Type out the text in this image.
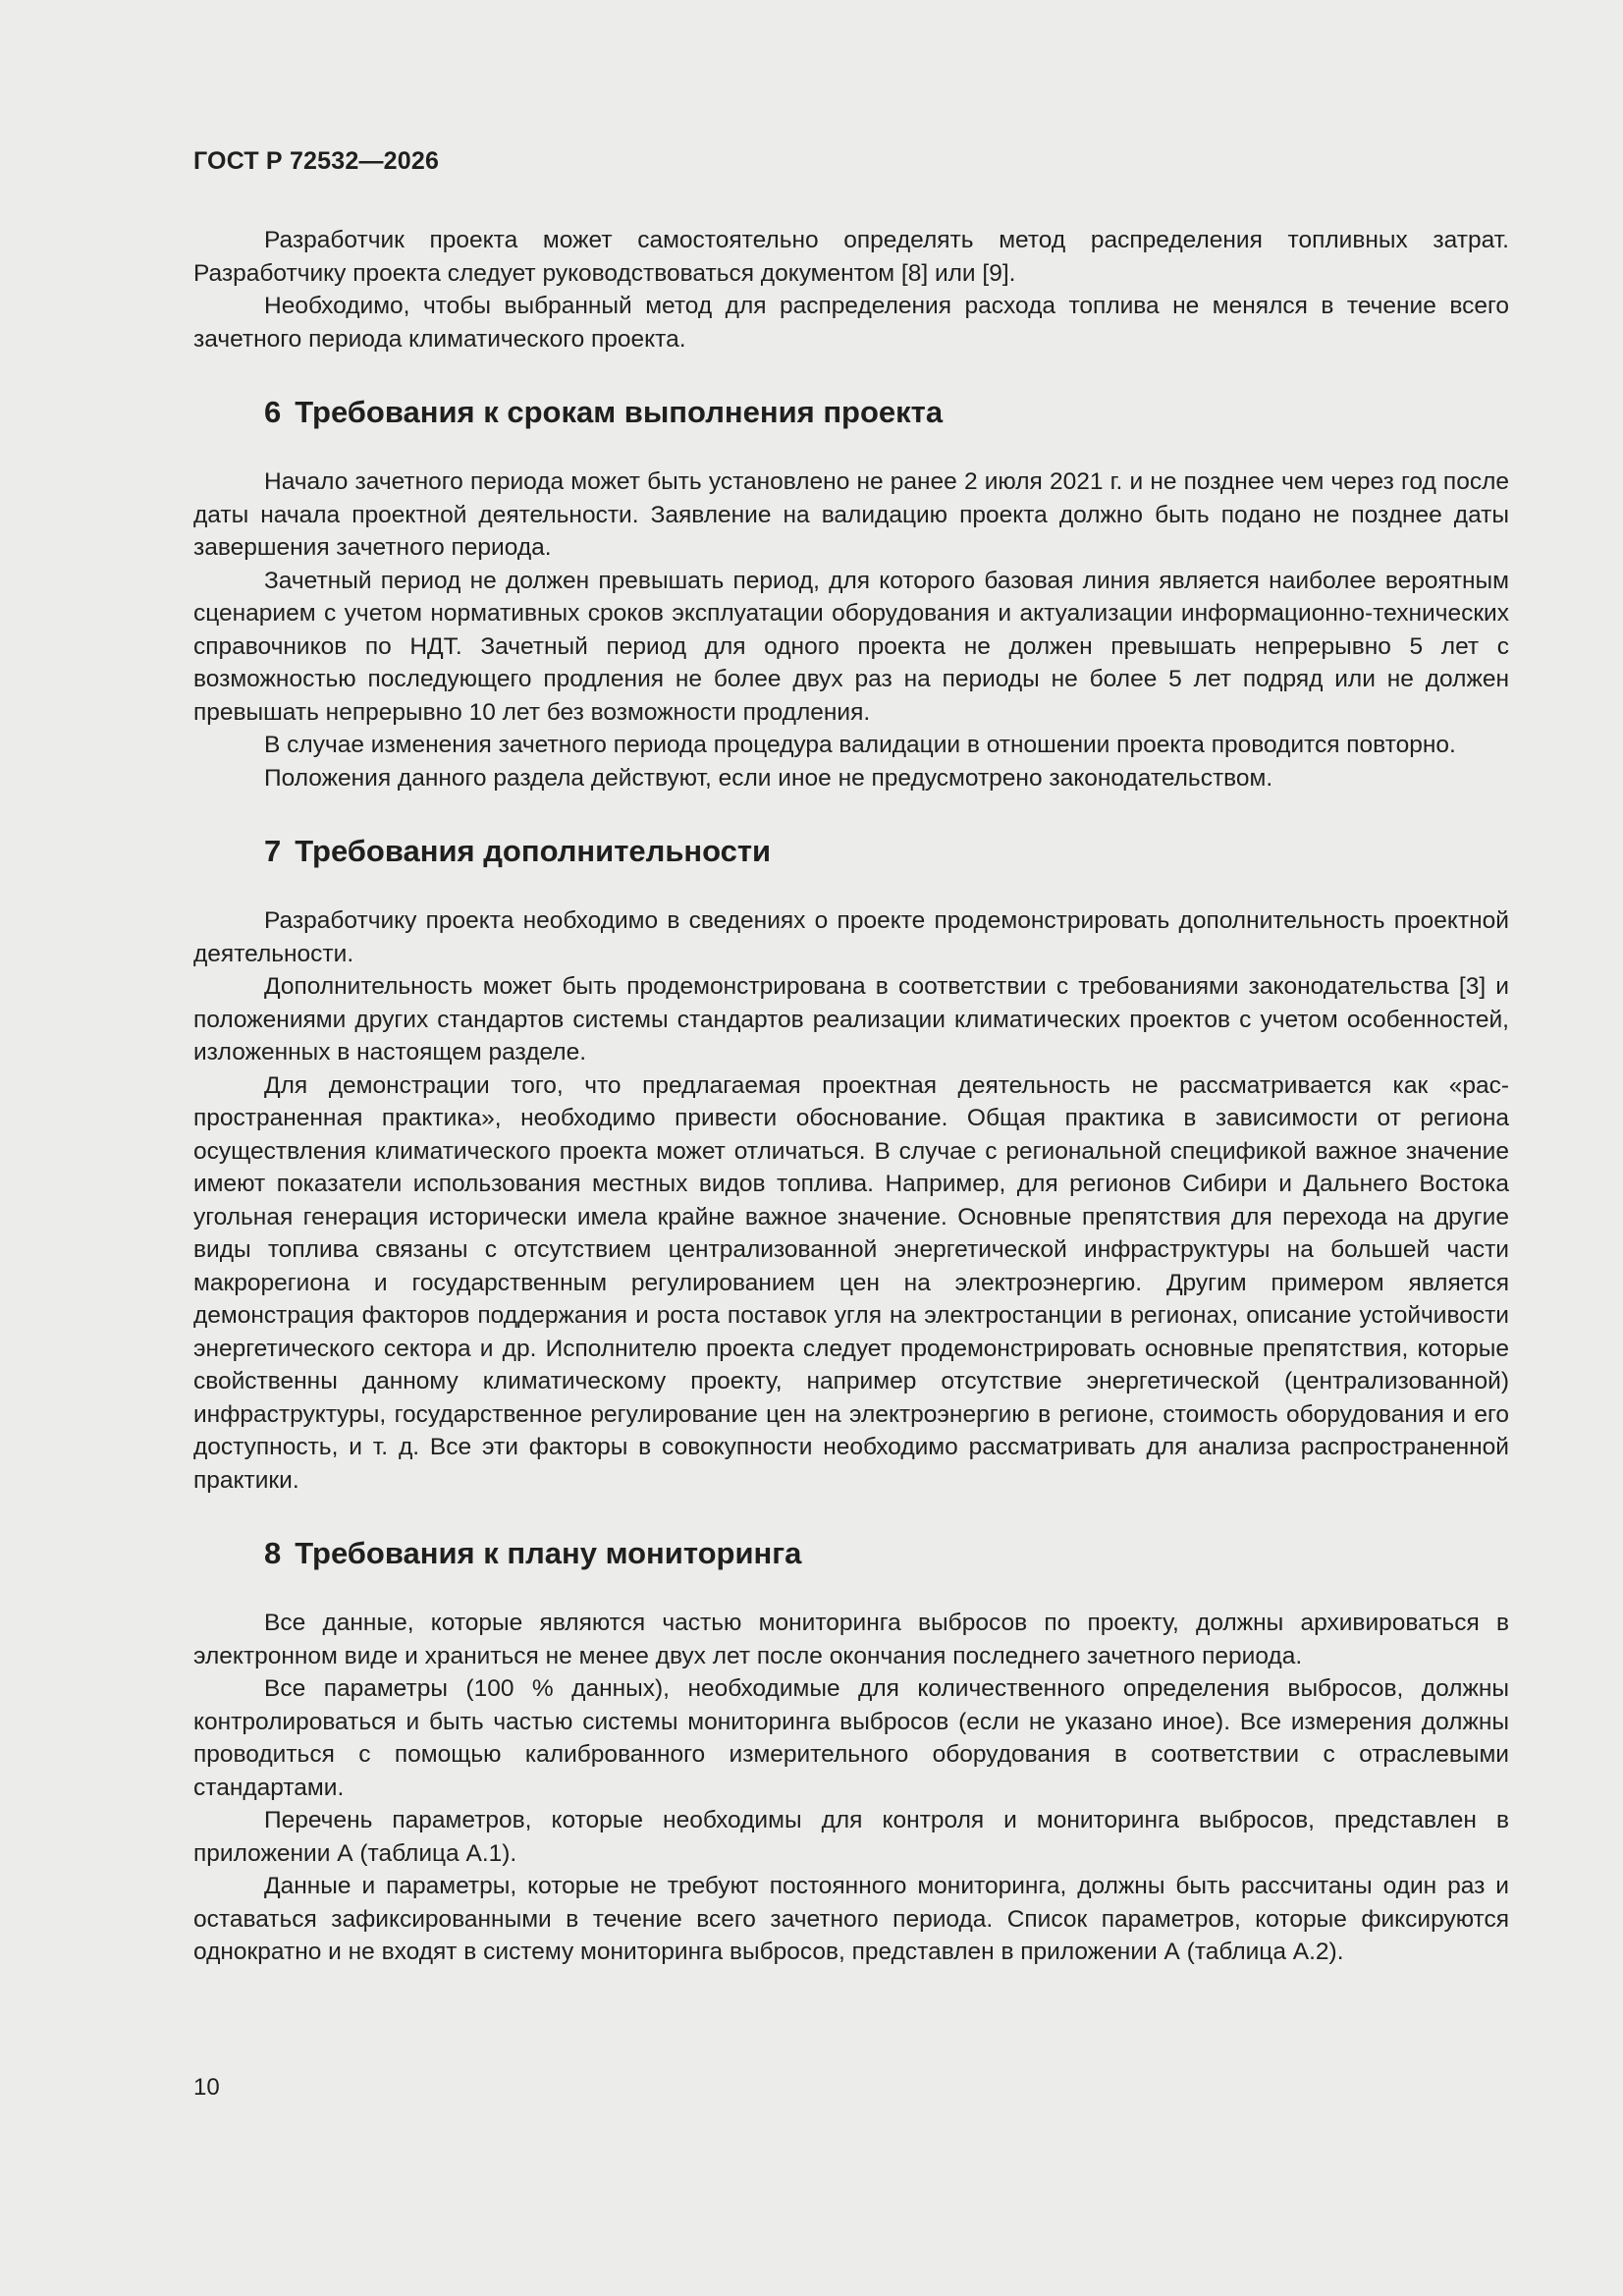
ГОСТ Р 72532—2026

Разработчик проекта может самостоятельно определять метод распределения топливных затрат. Разработчику проекта следует руководствоваться документом [8] или [9].

Необходимо, чтобы выбранный метод для распределения расхода топлива не менялся в течение всего зачетного периода климатического проекта.

6 Требования к срокам выполнения проекта

Начало зачетного периода может быть установлено не ранее 2 июля 2021 г. и не позднее чем через год после даты начала проектной деятельности. Заявление на валидацию проекта должно быть подано не позднее даты завершения зачетного периода.

Зачетный период не должен превышать период, для которого базовая линия является наиболее вероятным сценарием с учетом нормативных сроков эксплуатации оборудования и актуализации информационно-технических справочников по НДТ. Зачетный период для одного проекта не должен превышать непрерывно 5 лет с возможностью последующего продления не более двух раз на периоды не более 5 лет подряд или не должен превышать непрерывно 10 лет без возможности продления.

В случае изменения зачетного периода процедура валидации в отношении проекта проводится повторно.

Положения данного раздела действуют, если иное не предусмотрено законодательством.

7 Требования дополнительности

Разработчику проекта необходимо в сведениях о проекте продемонстрировать дополнительность проектной деятельности.

Дополнительность может быть продемонстрирована в соответствии с требованиями законодательства [3] и положениями других стандартов системы стандартов реализации климатических проектов с учетом особенностей, изложенных в настоящем разделе.

Для демонстрации того, что предлагаемая проектная деятельность не рассматривается как «распространенная практика», необходимо привести обоснование. Общая практика в зависимости от региона осуществления климатического проекта может отличаться. В случае с региональной спецификой важное значение имеют показатели использования местных видов топлива. Например, для регионов Сибири и Дальнего Востока угольная генерация исторически имела крайне важное значение. Основные препятствия для перехода на другие виды топлива связаны с отсутствием централизованной энергетической инфраструктуры на большей части макрорегиона и государственным регулированием цен на электроэнергию. Другим примером является демонстрация факторов поддержания и роста поставок угля на электростанции в регионах, описание устойчивости энергетического сектора и др. Исполнителю проекта следует продемонстрировать основные препятствия, которые свойственны данному климатическому проекту, например отсутствие энергетической (централизованной) инфраструктуры, государственное регулирование цен на электроэнергию в регионе, стоимость оборудования и его доступность, и т. д. Все эти факторы в совокупности необходимо рассматривать для анализа распространенной практики.

8 Требования к плану мониторинга

Все данные, которые являются частью мониторинга выбросов по проекту, должны архивироваться в электронном виде и храниться не менее двух лет после окончания последнего зачетного периода.

Все параметры (100 % данных), необходимые для количественного определения выбросов, должны контролироваться и быть частью системы мониторинга выбросов (если не указано иное). Все измерения должны проводиться с помощью калиброванного измерительного оборудования в соответствии с отраслевыми стандартами.

Перечень параметров, которые необходимы для контроля и мониторинга выбросов, представлен в приложении А (таблица А.1).

Данные и параметры, которые не требуют постоянного мониторинга, должны быть рассчитаны один раз и оставаться зафиксированными в течение всего зачетного периода. Список параметров, которые фиксируются однократно и не входят в систему мониторинга выбросов, представлен в приложении А (таблица А.2).

10
